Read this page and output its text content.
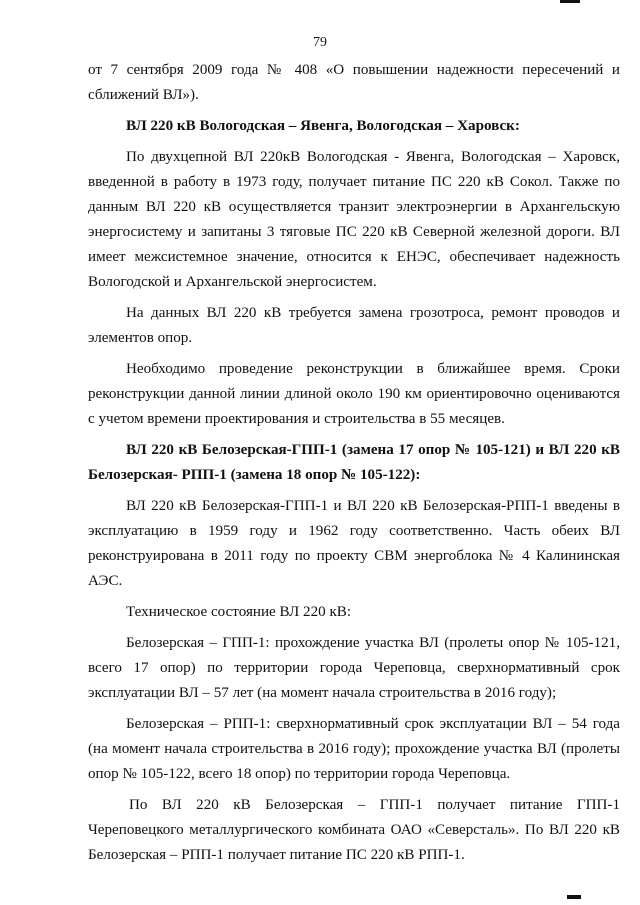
79

от 7 сентября 2009 года № 408 «О повышении надежности пересечений и сближений ВЛ»).

ВЛ 220 кВ Вологодская – Явенга, Вологодская – Харовск:

По двухцепной ВЛ 220кВ Вологодская - Явенга, Вологодская – Харовск, введенной в работу в 1973 году, получает питание ПС 220 кВ Сокол. Также по данным ВЛ 220 кВ осуществляется транзит электроэнергии в Архангельскую энергосистему и запитаны 3 тяговые ПС 220 кВ Северной железной дороги. ВЛ имеет межсистемное значение, относится к ЕНЭС, обеспечивает надежность Вологодской и Архангельской энергосистем.

На данных ВЛ 220 кВ требуется замена грозотроса, ремонт проводов и элементов опор.

Необходимо проведение реконструкции в ближайшее время. Сроки реконструкции данной линии длиной около 190 км ориентировочно оцениваются с учетом времени проектирования и строительства в 55 месяцев.

ВЛ 220 кВ Белозерская-ГПП-1 (замена 17 опор № 105-121) и ВЛ 220 кВ Белозерская- РПП-1 (замена 18 опор № 105-122):

ВЛ 220 кВ Белозерская-ГПП-1 и ВЛ 220 кВ Белозерская-РПП-1 введены в эксплуатацию в 1959 году и 1962 году соответственно. Часть обеих ВЛ реконструирована в 2011 году по проекту СВМ энергоблока № 4 Калининская АЭС.

Техническое состояние ВЛ 220 кВ:

Белозерская – ГПП-1: прохождение участка ВЛ (пролеты опор № 105-121, всего 17 опор) по территории города Череповца, сверхнормативный срок эксплуатации ВЛ – 57 лет (на момент начала строительства в 2016 году);

Белозерская – РПП-1: сверхнормативный срок эксплуатации ВЛ – 54 года (на момент начала строительства в 2016 году); прохождение участка ВЛ (пролеты опор № 105-122, всего 18 опор) по территории города Череповца.

По ВЛ 220 кВ Белозерская – ГПП-1 получает питание ГПП-1 Череповецкого металлургического комбината ОАО «Северсталь». По ВЛ 220 кВ Белозерская – РПП-1 получает питание ПС 220 кВ РПП-1.
